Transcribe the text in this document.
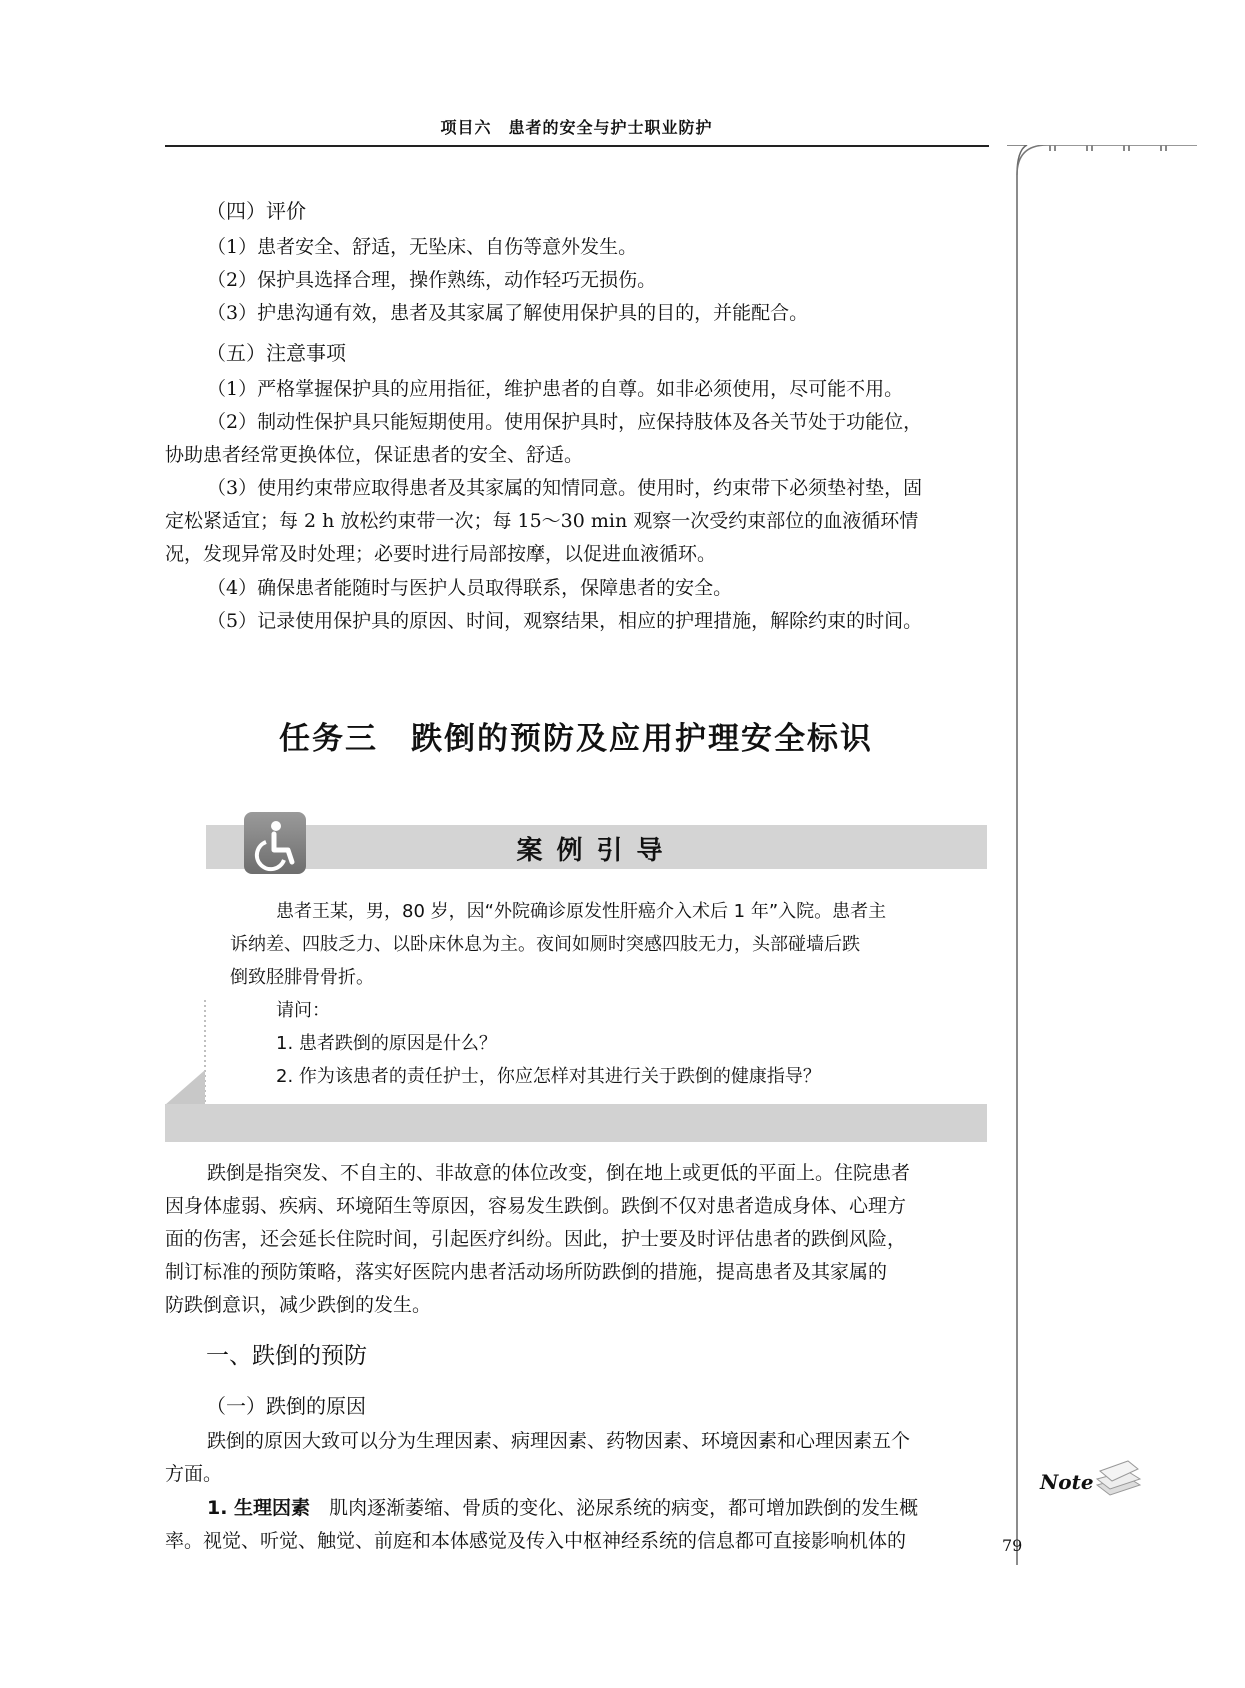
项目六　患者的安全与护士职业防护
（四）评价
（1）患者安全、舒适，无坠床、自伤等意外发生。
（2）保护具选择合理，操作熟练，动作轻巧无损伤。
（3）护患沟通有效，患者及其家属了解使用保护具的目的，并能配合。
（五）注意事项
（1）严格掌握保护具的应用指征，维护患者的自尊。如非必须使用，尽可能不用。
（2）制动性保护具只能短期使用。使用保护具时，应保持肢体及各关节处于功能位，
协助患者经常更换体位，保证患者的安全、舒适。
（3）使用约束带应取得患者及其家属的知情同意。使用时，约束带下必须垫衬垫，固
定松紧适宜；每 2 h 放松约束带一次；每 15～30 min 观察一次受约束部位的血液循环情
况，发现异常及时处理；必要时进行局部按摩，以促进血液循环。
（4）确保患者能随时与医护人员取得联系，保障患者的安全。
（5）记录使用保护具的原因、时间，观察结果，相应的护理措施，解除约束的时间。
任务三　跌倒的预防及应用护理安全标识
案例引导
患者王某，男，80 岁，因“外院确诊原发性肝癌介入术后 1 年”入院。患者主
诉纳差、四肢乏力、以卧床休息为主。夜间如厕时突感四肢无力，头部碰墙后跌
倒致胫腓骨骨折。
请问：
1. 患者跌倒的原因是什么？
2. 作为该患者的责任护士，你应怎样对其进行关于跌倒的健康指导？
跌倒是指突发、不自主的、非故意的体位改变，倒在地上或更低的平面上。住院患者
因身体虚弱、疾病、环境陌生等原因，容易发生跌倒。跌倒不仅对患者造成身体、心理方
面的伤害，还会延长住院时间，引起医疗纠纷。因此，护士要及时评估患者的跌倒风险，
制订标准的预防策略，落实好医院内患者活动场所防跌倒的措施，提高患者及其家属的
防跌倒意识，减少跌倒的发生。
一、跌倒的预防
（一）跌倒的原因
跌倒的原因大致可以分为生理因素、病理因素、药物因素、环境因素和心理因素五个
方面。
1. 生理因素　肌肉逐渐萎缩、骨质的变化、泌尿系统的病变，都可增加跌倒的发生概
率。视觉、听觉、触觉、前庭和本体感觉及传入中枢神经系统的信息都可直接影响机体的
Note
79
